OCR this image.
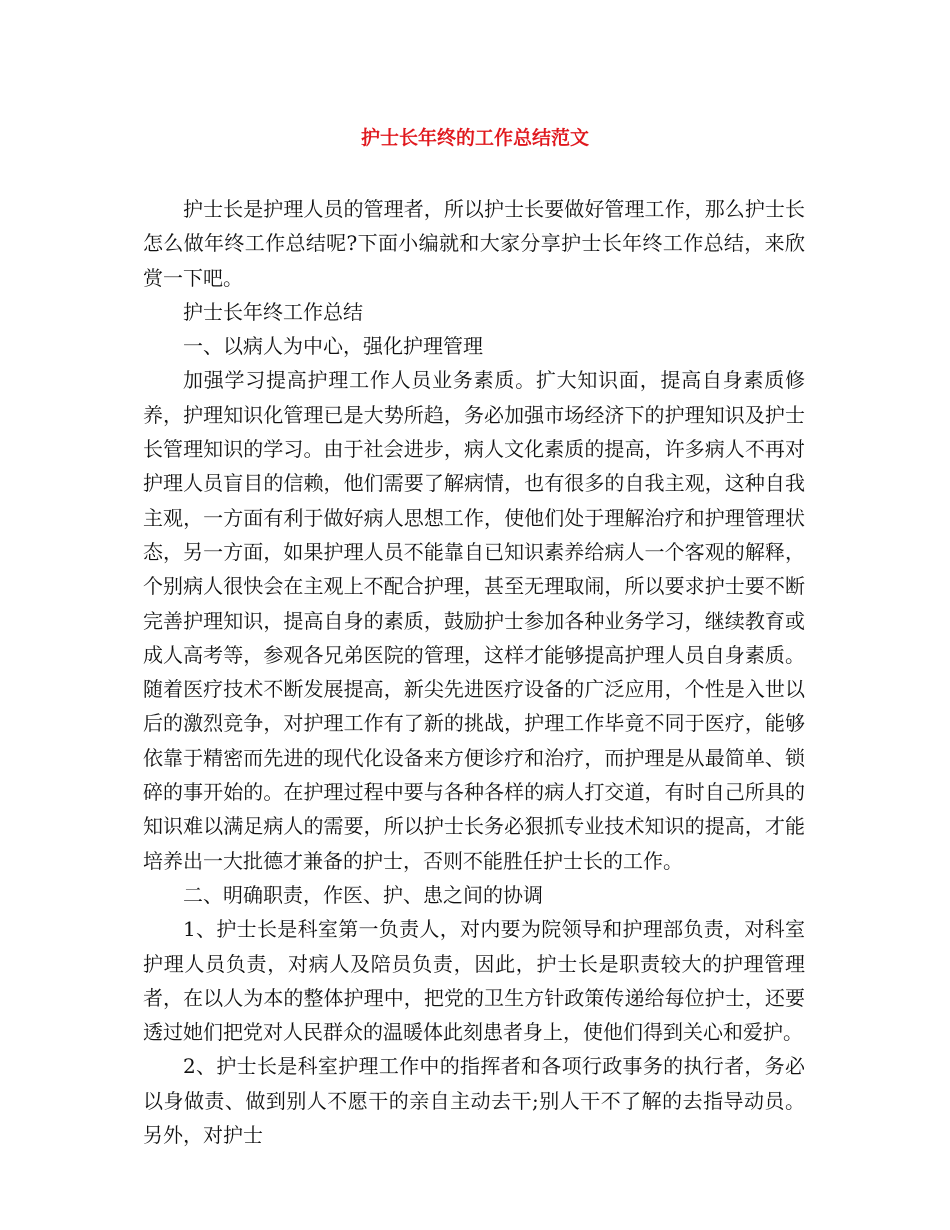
护士长年终的工作总结范文

护士长是护理人员的管理者，所以护士长要做好管理工作，那么护士长怎么做年终工作总结呢?下面小编就和大家分享护士长年终工作总结，来欣赏一下吧。

护士长年终工作总结

一、以病人为中心，强化护理管理

加强学习提高护理工作人员业务素质。扩大知识面，提高自身素质修养，护理知识化管理已是大势所趋，务必加强市场经济下的护理知识及护士长管理知识的学习。由于社会进步，病人文化素质的提高，许多病人不再对护理人员盲目的信赖，他们需要了解病情，也有很多的自我主观，这种自我主观，一方面有利于做好病人思想工作，使他们处于理解治疗和护理管理状态，另一方面，如果护理人员不能靠自已知识素养给病人一个客观的解释，个别病人很快会在主观上不配合护理，甚至无理取闹，所以要求护士要不断完善护理知识，提高自身的素质，鼓励护士参加各种业务学习，继续教育或成人高考等，参观各兄弟医院的管理，这样才能够提高护理人员自身素质。随着医疗技术不断发展提高，新尖先进医疗设备的广泛应用，个性是入世以后的激烈竞争，对护理工作有了新的挑战，护理工作毕竟不同于医疗，能够依靠于精密而先进的现代化设备来方便诊疗和治疗，而护理是从最简单、锁碎的事开始的。在护理过程中要与各种各样的病人打交道，有时自己所具的知识难以满足病人的需要，所以护士长务必狠抓专业技术知识的提高，才能培养出一大批德才兼备的护士，否则不能胜任护士长的工作。

二、明确职责，作医、护、患之间的协调

1、护士长是科室第一负责人，对内要为院领导和护理部负责，对科室护理人员负责，对病人及陪员负责，因此，护士长是职责较大的护理管理者，在以人为本的整体护理中，把党的卫生方针政策传递给每位护士，还要透过她们把党对人民群众的温暖体此刻患者身上，使他们得到关心和爱护。

2、护士长是科室护理工作中的指挥者和各项行政事务的执行者，务必以身做责、做到别人不愿干的亲自主动去干;别人干不了解的去指导动员。另外，对护士
